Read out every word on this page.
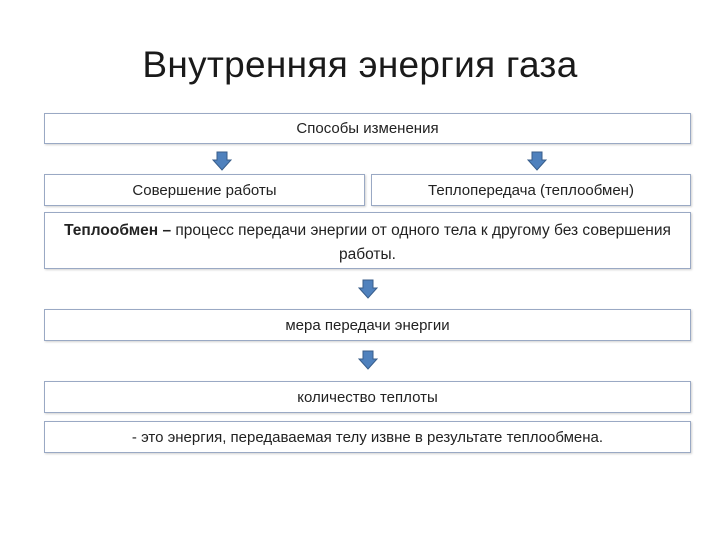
Внутренняя энергия газа
Способы изменения
Совершение работы	Теплопередача (теплообмен)
Теплообмен – процесс передачи энергии от одного тела к другому без совершения работы.
мера передачи энергии
количество теплоты
- это энергия, передаваемая телу извне в результате теплообмена.
